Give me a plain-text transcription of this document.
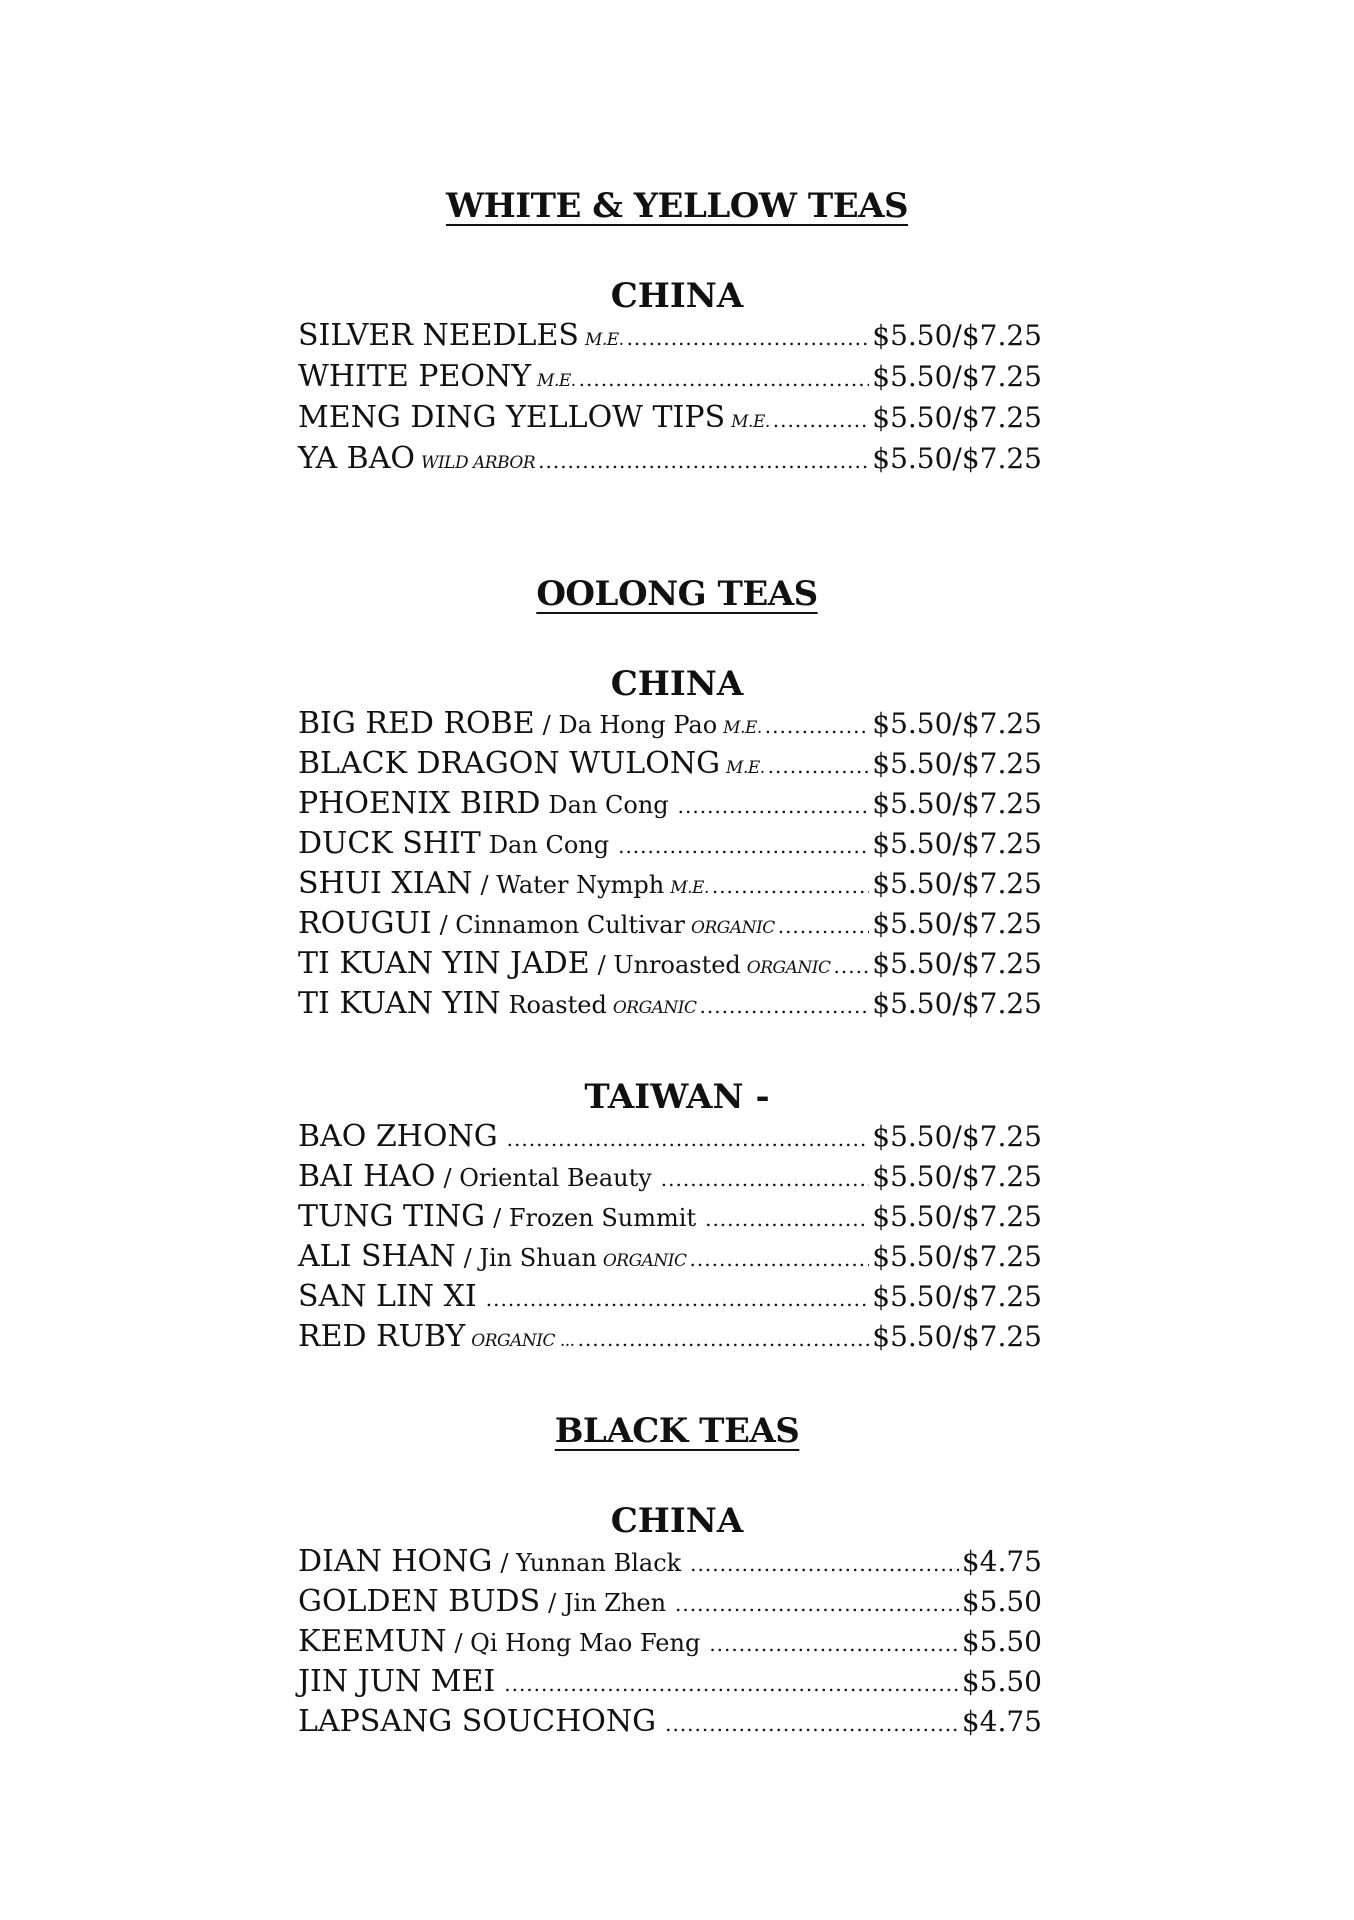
WHITE & YELLOW TEAS
CHINA
SILVER NEEDLES M.E. .....	$5.50/$7.25
WHITE PEONY M.E. .....	$5.50/$7.25
MENG DING YELLOW TIPS M.E. .....	$5.50/$7.25
YA BAO WILD ARBOR .....	$5.50/$7.25
OOLONG TEAS
CHINA
BIG RED ROBE / Da Hong Pao M.E. .....	$5.50/$7.25
BLACK DRAGON WULONG M.E. .....	$5.50/$7.25
PHOENIX BIRD Dan Cong .....	$5.50/$7.25
DUCK SHIT Dan Cong .....	$5.50/$7.25
SHUI XIAN / Water Nymph M.E. .....	$5.50/$7.25
ROUGUI / Cinnamon Cultivar ORGANIC .....	$5.50/$7.25
TI KUAN YIN JADE / Unroasted ORGANIC ..... $5.50/$7.25
TI KUAN YIN Roasted ORGANIC .....	$5.50/$7.25
TAIWAN -
BAO ZHONG .....	$5.50/$7.25
BAI HAO / Oriental Beauty .....	$5.50/$7.25
TUNG TING / Frozen Summit .....	$5.50/$7.25
ALI SHAN / Jin Shuan ORGANIC .....	$5.50/$7.25
SAN LIN XI .....	$5.50/$7.25
RED RUBY ORGANIC ... .....	$5.50/$7.25
BLACK TEAS
CHINA
DIAN HONG / Yunnan Black .....	$4.75
GOLDEN BUDS / Jin Zhen .....	$5.50
KEEMUN / Qi Hong Mao Feng .....	$5.50
JIN JUN MEI .....	$5.50
LAPSANG SOUCHONG .....	$4.75
